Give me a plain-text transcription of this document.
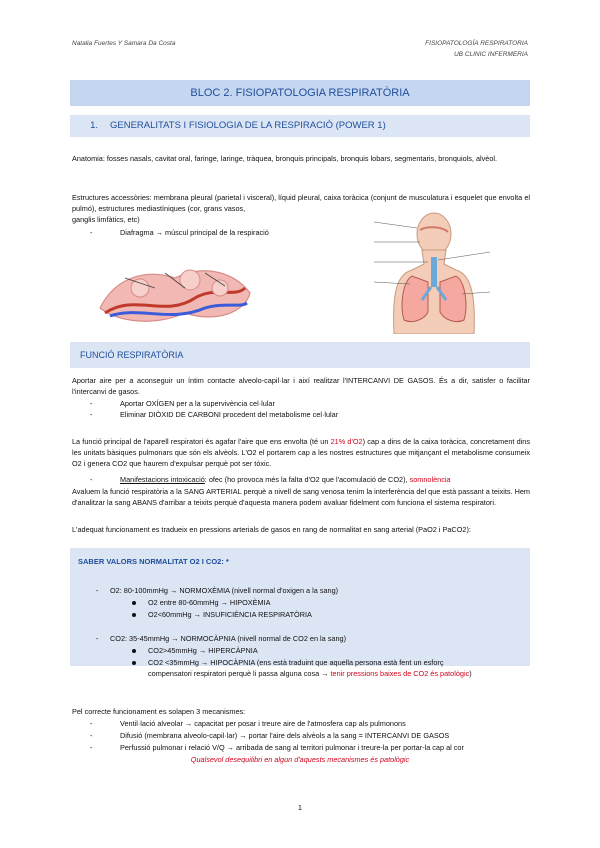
Natalia Fuertes Y Samara Da Costa	FISIOPATOLOGÍA RESPIRATORIA
UB CLINIC INFERMERIA
BLOC 2. FISIOPATOLOGIA RESPIRATÒRIA
1. GENERALITATS I FISIOLOGIA DE LA RESPIRACIÓ (POWER 1)
Anatomia: fosses nasals, cavitat oral, faringe, laringe, tràquea, bronquis principals, bronquis lobars, segmentaris, bronquiols, alvèol.
Estructures accessòries: membrana pleural (parietal i visceral), líquid pleural, caixa toràcica (conjunt de musculatura i esquelet que envolta el pulmó), estructures mediastíniques (cor, grans vasos,
ganglis limfàtics, etc)
-	Diafragma → múscul principal de la respiració
FUNCIÓ RESPIRATÒRIA
Aportar aire per a aconseguir un íntim contacte alveolo-capil·lar i així realitzar l'INTERCANVI DE GASOS. És a dir, satisfer o facilitar l'intercanvi de gasos.
-	Aportar OXÍGEN per a la supervivència cel·lular
-	Eliminar DIÒXID DE CARBONI procedent del metabolisme cel·lular
La funció principal de l'aparell respiratori és agafar l'aire que ens envolta (té un 21% d'O2) cap a dins de la caixa toràcica, concretament dins les unitats bàsiques pulmonars que són els alvèols. L'O2 el portarem cap a les nostres estructures que mitjançant el metabolisme consumeix O2 i genera CO2 que haurem d'expulsar perquè pot ser tòxic.
-	Manifestacions intoxicació: ofec (ho provoca més la falta d'O2 que l'acomulació de CO2), somnolència
Avaluem la funció respiratòria a la SANG ARTERIAL perquè a nivell de sang venosa tenim la interferència del que està passant a teixits. Hem d'analitzar la sang ABANS d'arribar a teixits perquè d'aquesta manera podem avaluar fidelment com funciona el sistema respiratori.
L'adequat funcionament es tradueix en pressions arterials de gasos en rang de normalitat en sang arterial (PaO2 i PaCO2):
SABER VALORS NORMALITAT O2 I CO2: *
- O2: 80-100mmHg → NORMOXÈMIA (nivell normal d'oxigen a la sang)
O2 entre 80-60mmHg → HIPOXÈMIA
O2<60mmHg → INSUFICIÈNCIA RESPIRATÒRIA
- CO2: 35-45mmHg → NORMOCÀPNIA (nivell normal de CO2 en la sang)
CO2>45mmHg → HIPERCÀPNIA
CO2 <35mmHg → HIPOCÀPNIA (ens està traduint que aquella persona està fent un esforç
compensatori respiratori perquè li passa alguna cosa → tenir pressions baixes de CO2 és patològic)
Pel correcte funcionament es solapen 3 mecanismes:
-	Ventil·lació alveolar → capacitat per posar i treure aire de l'atmosfera cap als pulmonons
-	Difusió (membrana alveolo-capil·lar) → portar l'aire dels alvèols a la sang = INTERCANVI DE GASOS
-	Perfussió pulmonar i relació V/Q → arribada de sang al territori pulmonar i treure-la per portar-la cap al cor
Qualsevol desequilibri en algun d'aquests mecanismes és patològic
1
